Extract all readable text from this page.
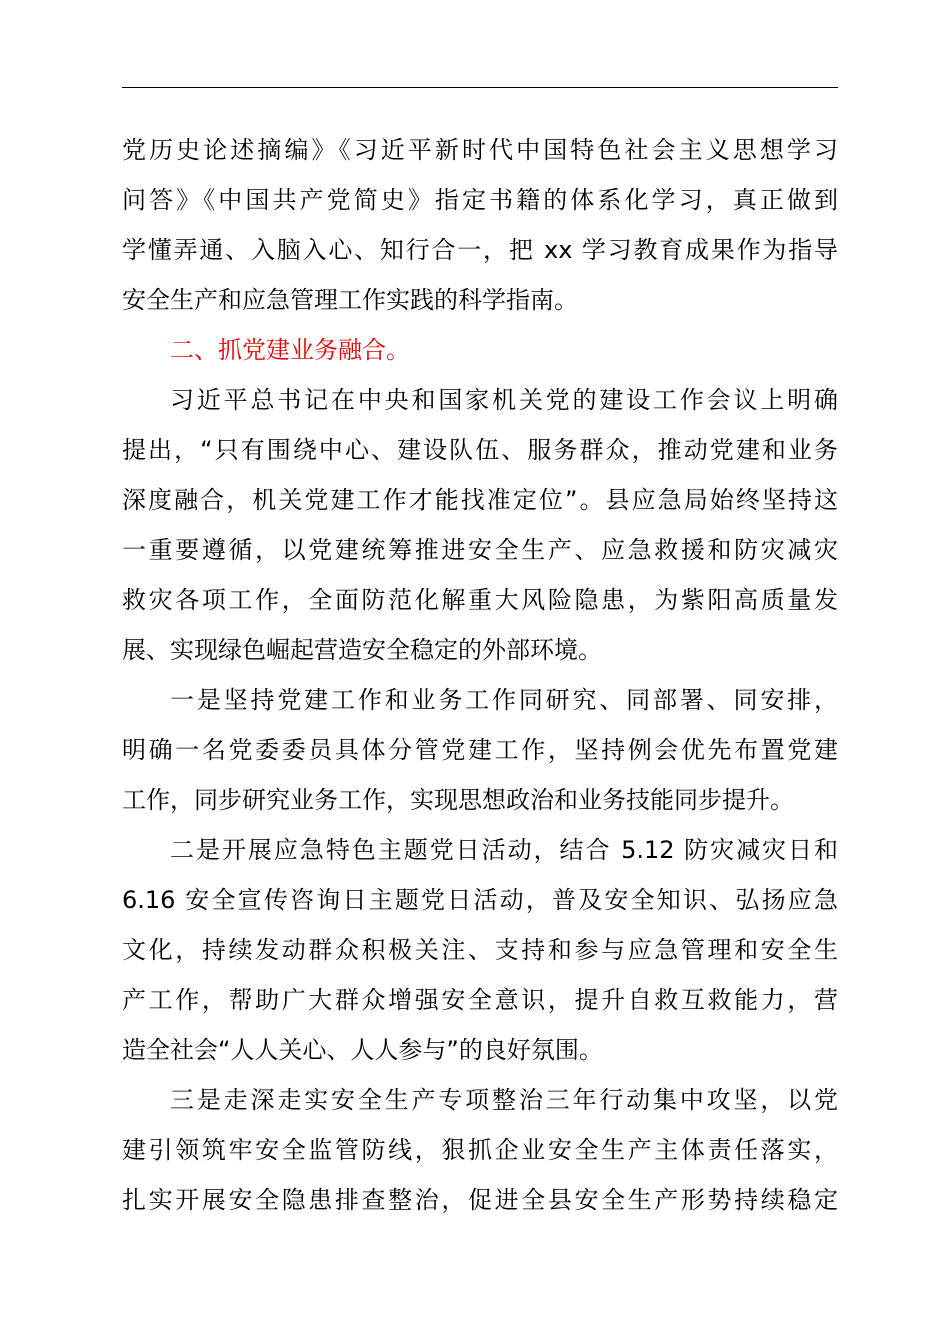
党历史论述摘编》《习近平新时代中国特色社会主义思想学习
问答》《中国共产党简史》指定书籍的体系化学习，真正做到
学懂弄通、入脑入心、知行合一，把 xx 学习教育成果作为指导
安全生产和应急管理工作实践的科学指南。
二、抓党建业务融合。
习近平总书记在中央和国家机关党的建设工作会议上明确
提出，“只有围绕中心、建设队伍、服务群众，推动党建和业务
深度融合，机关党建工作才能找准定位”。县应急局始终坚持这
一重要遵循，以党建统筹推进安全生产、应急救援和防灾减灾
救灾各项工作，全面防范化解重大风险隐患，为紫阳高质量发
展、实现绿色崛起营造安全稳定的外部环境。
一是坚持党建工作和业务工作同研究、同部署、同安排，
明确一名党委委员具体分管党建工作，坚持例会优先布置党建
工作，同步研究业务工作，实现思想政治和业务技能同步提升。
二是开展应急特色主题党日活动，结合 5.12 防灾减灾日和
6.16 安全宣传咨询日主题党日活动，普及安全知识、弘扬应急
文化，持续发动群众积极关注、支持和参与应急管理和安全生
产工作，帮助广大群众增强安全意识，提升自救互救能力，营
造全社会“人人关心、人人参与”的良好氛围。
三是走深走实安全生产专项整治三年行动集中攻坚，以党
建引领筑牢安全监管防线，狠抓企业安全生产主体责任落实，
扎实开展安全隐患排查整治，促进全县安全生产形势持续稳定
